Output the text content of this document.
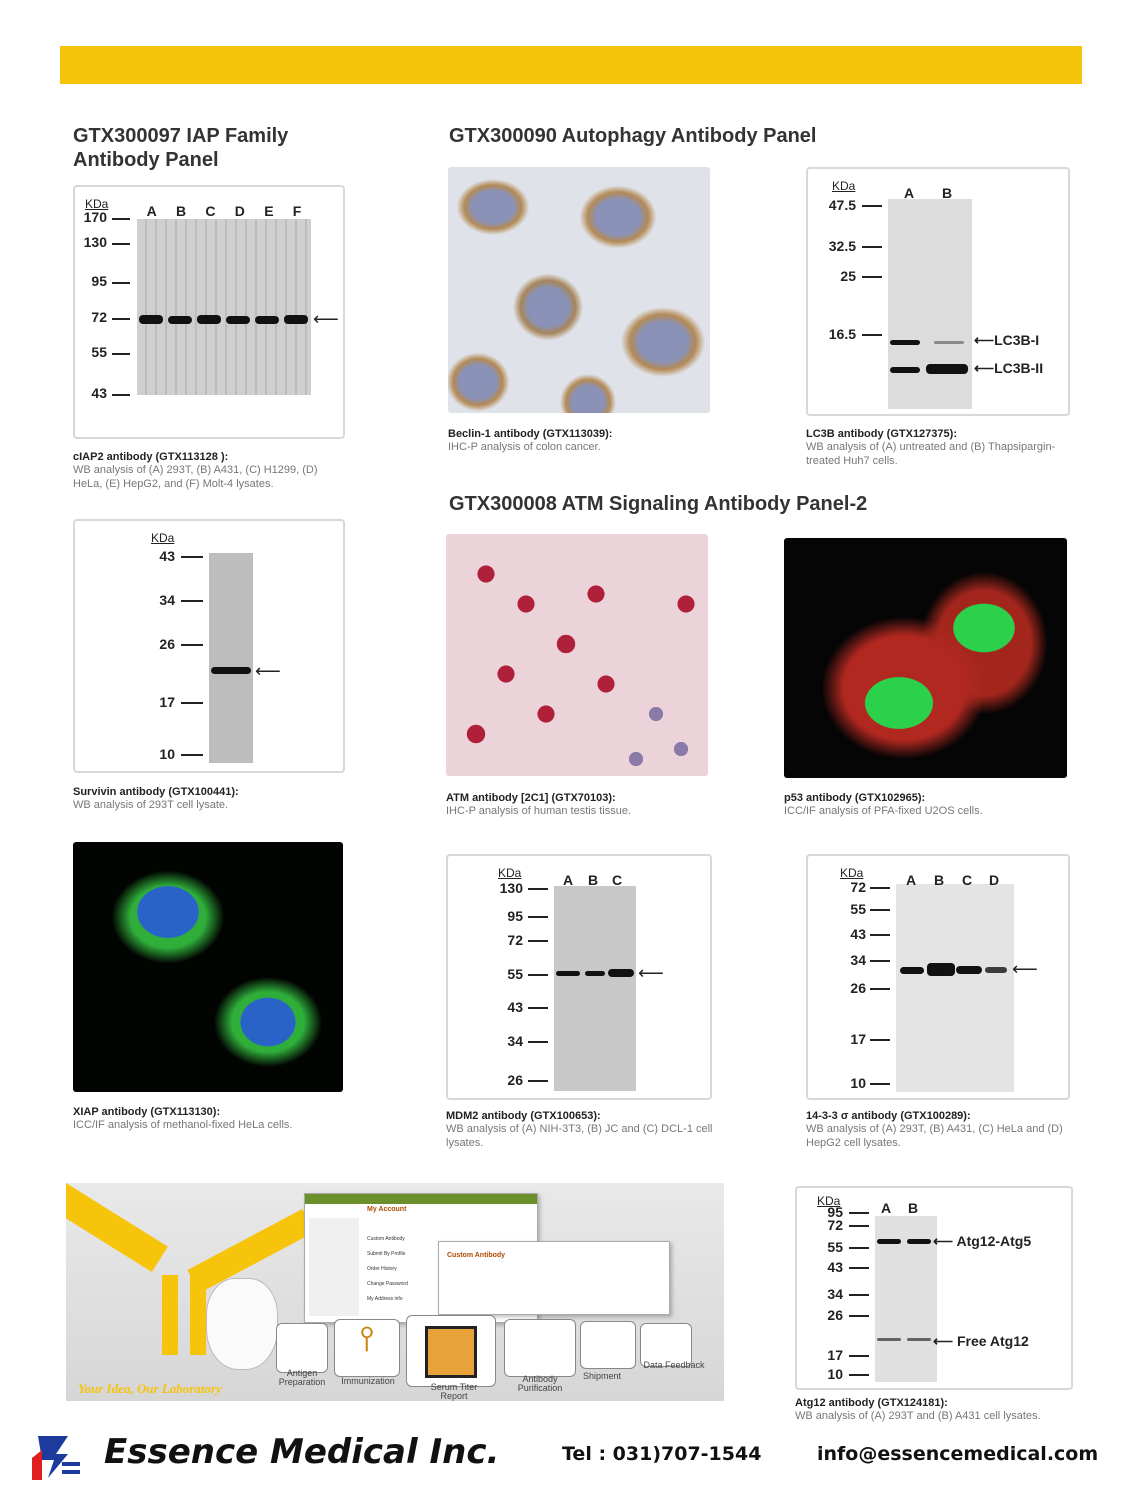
GTX300097 IAP Family
Antibody Panel
GTX300090 Autophagy Antibody Panel
GTX300008 ATM Signaling Antibody Panel-2
KDa	A B C D E F
170
130
95
72
55
43
⟵
cIAP2 antibody (GTX113128 ):
WB analysis of (A) 293T, (B) A431, (C) H1299, (D) HeLa, (E) HepG2, and (F) Molt-4 lysates.
Beclin-1 antibody (GTX113039):
IHC-P analysis of colon cancer.
KDa	A B
47.5
32.5
25
16.5	⟵LC3B-I
⟵LC3B-II
LC3B antibody (GTX127375):
WB analysis of (A) untreated and (B) Thapsipargin-treated Huh7 cells.
KDa
43
34
26
17
10
⟵
Survivin antibody (GTX100441):
WB analysis of 293T cell lysate.
ATM antibody [2C1] (GTX70103):
IHC-P analysis of human testis tissue.
p53 antibody (GTX102965):
ICC/IF analysis of PFA-fixed U2OS cells.
XIAP antibody (GTX113130):
ICC/IF analysis of methanol-fixed HeLa cells.
KDa	A B C
130
95
72
55
43
34
26
⟵
MDM2 antibody (GTX100653):
WB analysis of (A) NIH-3T3, (B) JC and (C) DCL-1 cell lysates.
KDa	A B C D
72
55
43
34
26
17
10
⟵
14-3-3 σ antibody (GTX100289):
WB analysis of (A) 293T, (B) A431, (C) HeLa and (D) HepG2 cell lysates.
My Account
Custom Antibody
Submit By Profile
Order History
Change Password
My Address info
Custom Antibody
⫯
Antigen Preparation	Immunization
Serum Titer Report
Antibody Purification
Shipment
Data Feedback
Your Idea, Our Laboratory
KDa	A B
95
72
55
43
34
26
17
10
⟵ Atg12-Atg5
⟵ Free Atg12
Atg12 antibody (GTX124181):
WB analysis of (A) 293T and (B) A431 cell lysates.
Essence Medical Inc.	Tel : 031)707-1544	info@essencemedical.com
